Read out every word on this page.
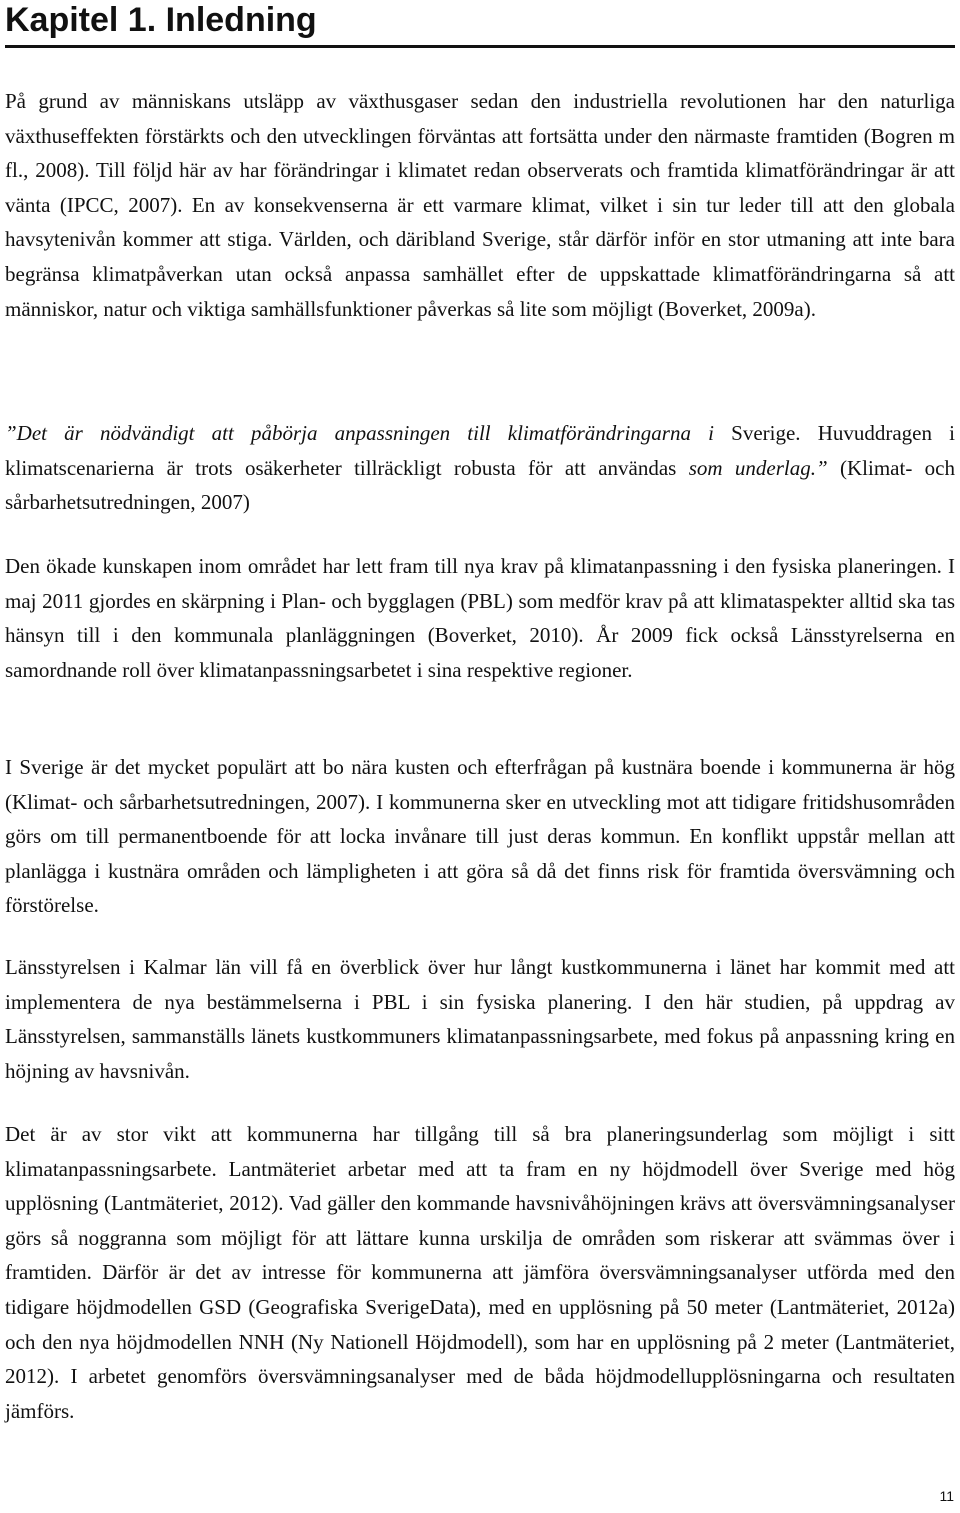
Kapitel 1. Inledning

På grund av människans utsläpp av växthusgaser sedan den industriella revolutionen har den naturliga växthuseffekten förstärkts och den utvecklingen förväntas att fortsätta under den närmaste framtiden (Bogren m fl., 2008). Till följd här av har förändringar i klimatet redan observerats och framtida klimatförändringar är att vänta (IPCC, 2007). En av konsekvenserna är ett varmare klimat, vilket i sin tur leder till att den globala havsytenivån kommer att stiga. Världen, och däribland Sverige, står därför inför en stor utmaning att inte bara begränsa klimatpåverkan utan också anpassa samhället efter de uppskattade klimatförändringarna så att människor, natur och viktiga samhällsfunktioner påverkas så lite som möjligt (Boverket, 2009a).

”Det är nödvändigt att påbörja anpassningen till klimatförändringarna i Sverige. Huvuddragen i klimatscenarierna är trots osäkerheter tillräckligt robusta för att användas som underlag.” (Klimat- och sårbarhetsutredningen, 2007)

Den ökade kunskapen inom området har lett fram till nya krav på klimatanpassning i den fysiska planeringen. I maj 2011 gjordes en skärpning i Plan- och bygglagen (PBL) som medför krav på att klimataspekter alltid ska tas hänsyn till i den kommunala planläggningen (Boverket, 2010). År 2009 fick också Länsstyrelserna en samordnande roll över klimatanpassningsarbetet i sina respektive regioner.

I Sverige är det mycket populärt att bo nära kusten och efterfrågan på kustnära boende i kommunerna är hög (Klimat- och sårbarhetsutredningen, 2007). I kommunerna sker en utveckling mot att tidigare fritidshusområden görs om till permanentboende för att locka invånare till just deras kommun. En konflikt uppstår mellan att planlägga i kustnära områden och lämpligheten i att göra så då det finns risk för framtida översvämning och förstörelse.

Länsstyrelsen i Kalmar län vill få en överblick över hur långt kustkommunerna i länet har kommit med att implementera de nya bestämmelserna i PBL i sin fysiska planering. I den här studien, på uppdrag av Länsstyrelsen, sammanställs länets kustkommuners klimatanpassningsarbete, med fokus på anpassning kring en höjning av havsnivån.

Det är av stor vikt att kommunerna har tillgång till så bra planeringsunderlag som möjligt i sitt klimatanpassningsarbete. Lantmäteriet arbetar med att ta fram en ny höjdmodell över Sverige med hög upplösning (Lantmäteriet, 2012). Vad gäller den kommande havsnivåhöjningen krävs att översvämningsanalyser görs så noggranna som möjligt för att lättare kunna urskilja de områden som riskerar att svämmas över i framtiden. Därför är det av intresse för kommunerna att jämföra översvämningsanalyser utförda med den tidigare höjdmodellen GSD (Geografiska SverigeData), med en upplösning på 50 meter (Lantmäteriet, 2012a) och den nya höjdmodellen NNH (Ny Nationell Höjdmodell), som har en upplösning på 2 meter (Lantmäteriet, 2012). I arbetet genomförs översvämningsanalyser med de båda höjdmodellupplösningarna och resultaten jämförs.

11
